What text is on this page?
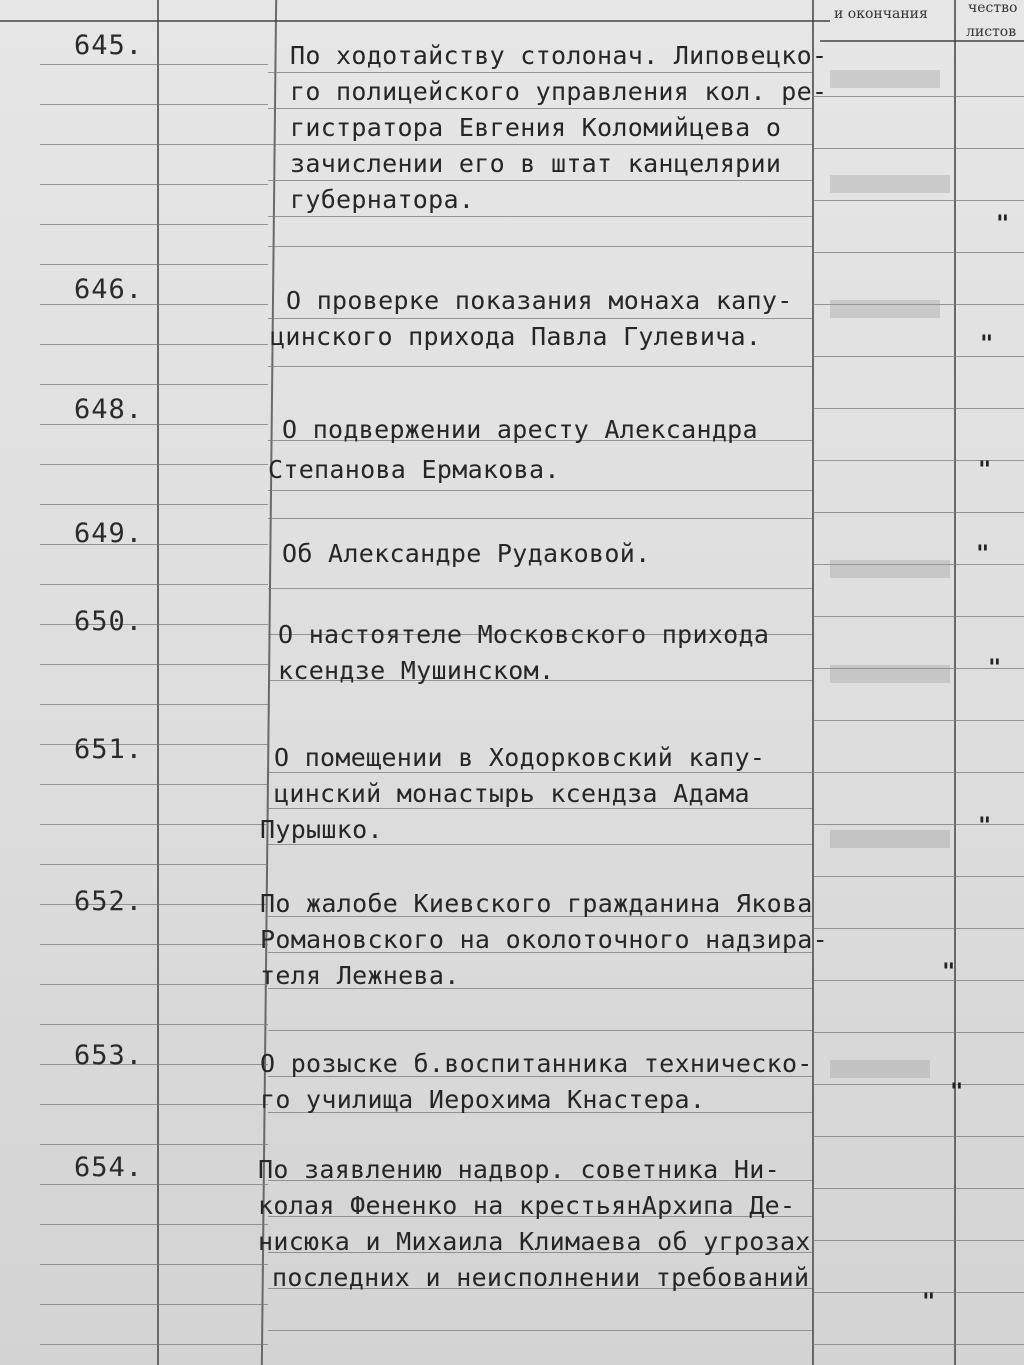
и окончания	чество
листов
645.	По ходотайству столонач. Липовецко-
го полицейского управления кол. ре-
гистратора Евгения Коломийцева о
зачислении его в штат канцелярии
губернатора.
"
646.	О проверке показания монаха капу-
цинского прихода Павла Гулевича.	"
648.
О подвержении аресту Александра
Степанова Ермакова.	"
649.
Об Александре Рудаковой.	"
650.	О настоятеле Московского прихода
ксендзе Мушинском.	"
651.	О помещении в Ходорковский капу-
цинский монастырь ксендза Адама
Пурышко.	"
652.	По жалобе Киевского гражданина Якова
Романовского на околоточного надзира-
теля Лежнева.	"
653.	О розыске б.воспитанника техническо-
го училища Иерохима Кнастера.	"
654.	По заявлению надвор. советника Ни-
колая Фененко на крестьянАрхипа Де-
нисюка и Михаила Климаева об угрозах
последних и неисполнении требований
"
